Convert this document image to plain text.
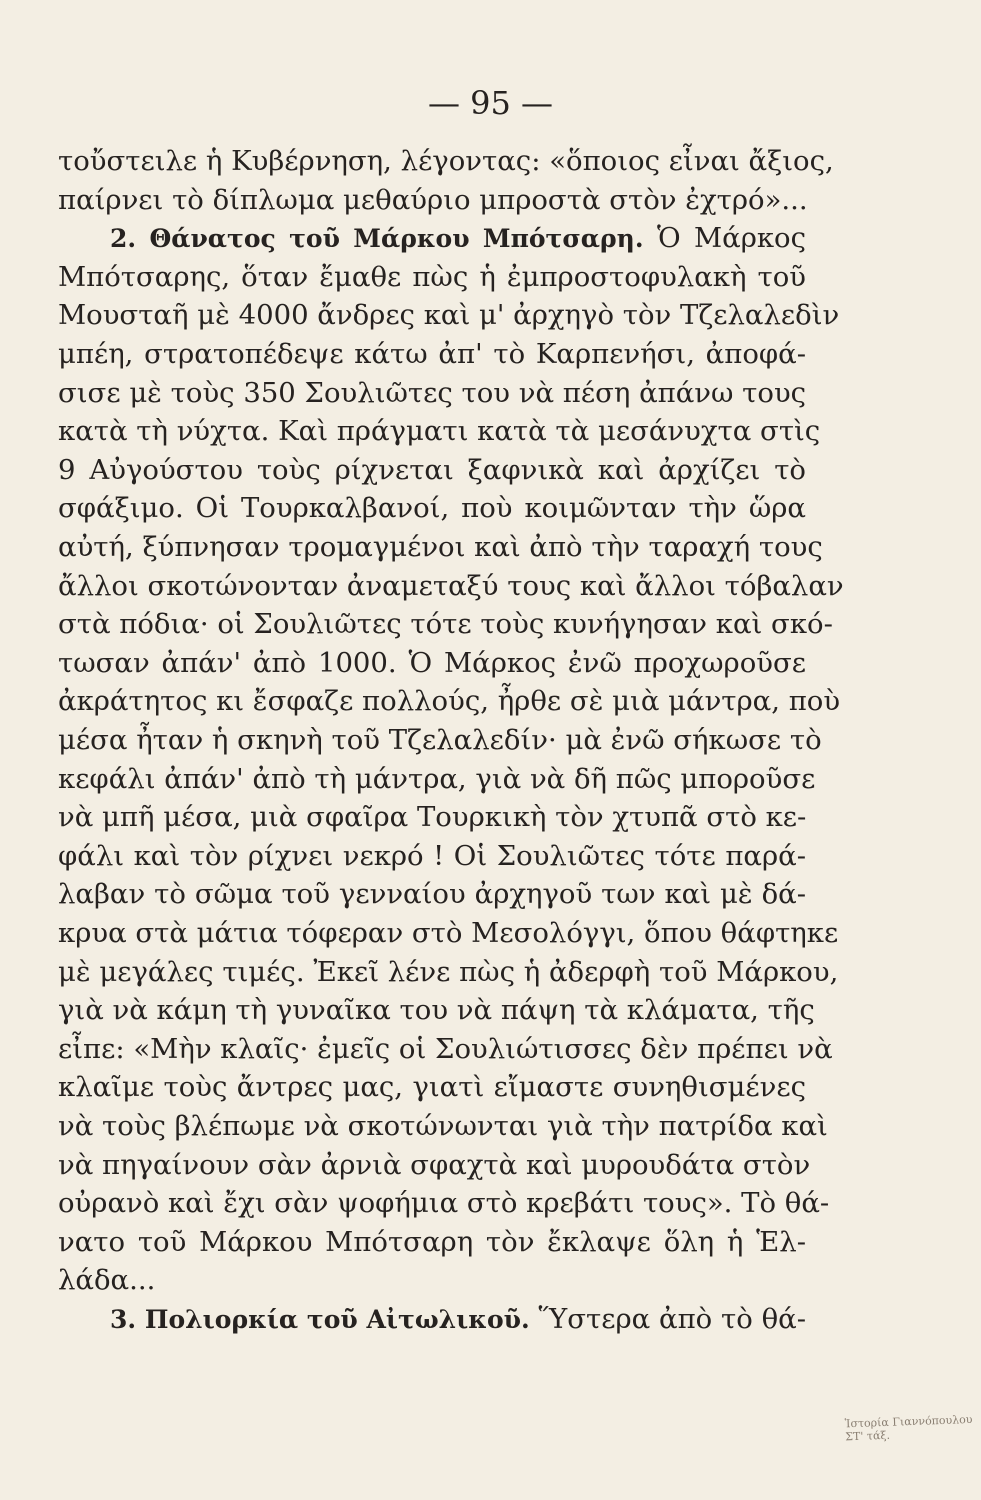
— 95 —
τοὔστειλε ἡ Κυβέρνηση, λέγοντας: «ὅποιος εἶναι ἄξιος,
παίρνει τὸ δίπλωμα μεθαύριο μπροστὰ στὸν ἐχτρό»...
2. Θάνατος τοῦ Μάρκου Μπότσαρη. Ὁ Μάρκος
Μπότσαρης, ὅταν ἔμαθε πὼς ἡ ἐμπροστοφυλακὴ τοῦ
Μουσταῆ μὲ 4000 ἄνδρες καὶ μ' ἀρχηγὸ τὸν Τζελαλεδὶν
μπέη, στρατοπέδεψε κάτω ἀπ' τὸ Καρπενήσι, ἀποφά-
σισε μὲ τοὺς 350 Σουλιῶτες του νὰ πέση ἀπάνω τους
κατὰ τὴ νύχτα. Καὶ πράγματι κατὰ τὰ μεσάνυχτα στὶς
9 Αὐγούστου τοὺς ρίχνεται ξαφνικὰ καὶ ἀρχίζει τὸ
σφάξιμο. Οἱ Τουρκαλβανοί, ποὺ κοιμῶνταν τὴν ὥρα
αὐτή, ξύπνησαν τρομαγμένοι καὶ ἀπὸ τὴν ταραχή τους
ἄλλοι σκοτώνονταν ἀναμεταξύ τους καὶ ἄλλοι τόβαλαν
στὰ πόδια· οἱ Σουλιῶτες τότε τοὺς κυνήγησαν καὶ σκό-
τωσαν ἀπάν' ἀπὸ 1000. Ὁ Μάρκος ἐνῶ προχωροῦσε
ἀκράτητος κι ἔσφαζε πολλούς, ἦρθε σὲ μιὰ μάντρα, ποὺ
μέσα ἦταν ἡ σκηνὴ τοῦ Τζελαλεδίν· μὰ ἐνῶ σήκωσε τὸ
κεφάλι ἀπάν' ἀπὸ τὴ μάντρα, γιὰ νὰ δῆ πῶς μποροῦσε
νὰ μπῆ μέσα, μιὰ σφαῖρα Τουρκικὴ τὸν χτυπᾶ στὸ κε-
φάλι καὶ τὸν ρίχνει νεκρό ! Οἱ Σουλιῶτες τότε παρά-
λαβαν τὸ σῶμα τοῦ γενναίου ἀρχηγοῦ των καὶ μὲ δά-
κρυα στὰ μάτια τόφεραν στὸ Μεσολόγγι, ὅπου θάφτηκε
μὲ μεγάλες τιμές. Ἐκεῖ λένε πὼς ἡ ἀδερφὴ τοῦ Μάρκου,
γιὰ νὰ κάμη τὴ γυναῖκα του νὰ πάψη τὰ κλάματα, τῆς
εἶπε: «Μὴν κλαῖς· ἐμεῖς οἱ Σουλιώτισσες δὲν πρέπει νὰ
κλαῖμε τοὺς ἄντρες μας, γιατὶ εἴμαστε συνηθισμένες
νὰ τοὺς βλέπωμε νὰ σκοτώνωνται γιὰ τὴν πατρίδα καὶ
νὰ πηγαίνουν σὰν ἀρνιὰ σφαχτὰ καὶ μυρουδάτα στὸν
οὐρανὸ καὶ ἔχι σὰν ψοφήμια στὸ κρεβάτι τους». Τὸ θά-
νατο τοῦ Μάρκου Μπότσαρη τὸν ἔκλαψε ὅλη ἡ Ἑλ-
λάδα...
3. Πολιορκία τοῦ Αἰτωλικοῦ. Ὕστερα ἀπὸ τὸ θά-
Ἱστορία Γιαννόπουλου ΣΤ' τάξ.
